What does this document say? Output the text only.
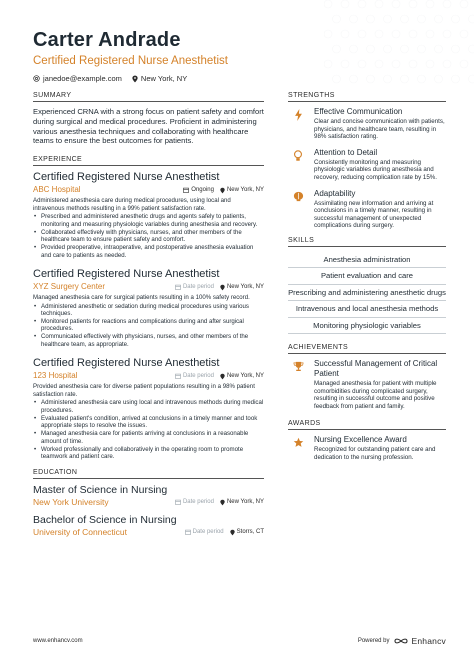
Carter Andrade
Certified Registered Nurse Anesthetist
janedoe@example.com	New York, NY
SUMMARY
Experienced CRNA with a strong focus on patient safety and comfort during surgical and medical procedures. Proficient in administering various anesthesia techniques and collaborating with healthcare teams to ensure the best outcomes for patients.
EXPERIENCE
Certified Registered Nurse Anesthetist
ABC Hospital	Ongoing New York, NY
Administered anesthesia care during medical procedures, using local and intravenous methods resulting in a 99% patient satisfaction rate.
• Prescribed and administered anesthetic drugs and agents safely to patients, monitoring and measuring physiologic variables during anesthesia and recovery.
• Collaborated effectively with physicians, nurses, and other members of the healthcare team to ensure patient safety and comfort.
• Provided preoperative, intraoperative, and postoperative anesthesia evaluation and care to patients as needed.
Certified Registered Nurse Anesthetist
XYZ Surgery Center	Date period New York, NY
Managed anesthesia care for surgical patients resulting in a 100% safety record.
• Administered anesthetic or sedation during medical procedures using various techniques.
• Monitored patients for reactions and complications during and after surgical procedures.
• Communicated effectively with physicians, nurses, and other members of the healthcare team, as appropriate.
Certified Registered Nurse Anesthetist
123 Hospital	Date period New York, NY
Provided anesthesia care for diverse patient populations resulting in a 98% patient satisfaction rate.
• Administered anesthesia care using local and intravenous methods during medical procedures.
• Evaluated patient's condition, arrived at conclusions in a timely manner and took appropriate steps to resolve the issues.
• Managed anesthesia care for patients arriving at conclusions in a reasonable amount of time.
• Worked professionally and collaboratively in the operating room to promote teamwork and patient care.
EDUCATION
Master of Science in Nursing
New York University	Date period New York, NY
Bachelor of Science in Nursing
University of Connecticut	Date period Storrs, CT
STRENGTHS
Effective Communication
Clear and concise communication with patients, physicians, and healthcare team, resulting in 98% satisfaction rating.
Attention to Detail
Consistently monitoring and measuring physiologic variables during anesthesia and recovery, reducing complication rate by 15%.
Adaptability
Assimilating new information and arriving at conclusions in a timely manner, resulting in successful management of unexpected complications during surgery.
SKILLS
Anesthesia administration
Patient evaluation and care
Prescribing and administering anesthetic drugs
Intravenous and local anesthesia methods
Monitoring physiologic variables
ACHIEVEMENTS
Successful Management of Critical Patient
Managed anesthesia for patient with multiple comorbidities during complicated surgery, resulting in successful outcome and positive feedback from patient and family.
AWARDS
Nursing Excellence Award
Recognized for outstanding patient care and dedication to the nursing profession.
www.enhancv.com	Powered by	Enhancv
